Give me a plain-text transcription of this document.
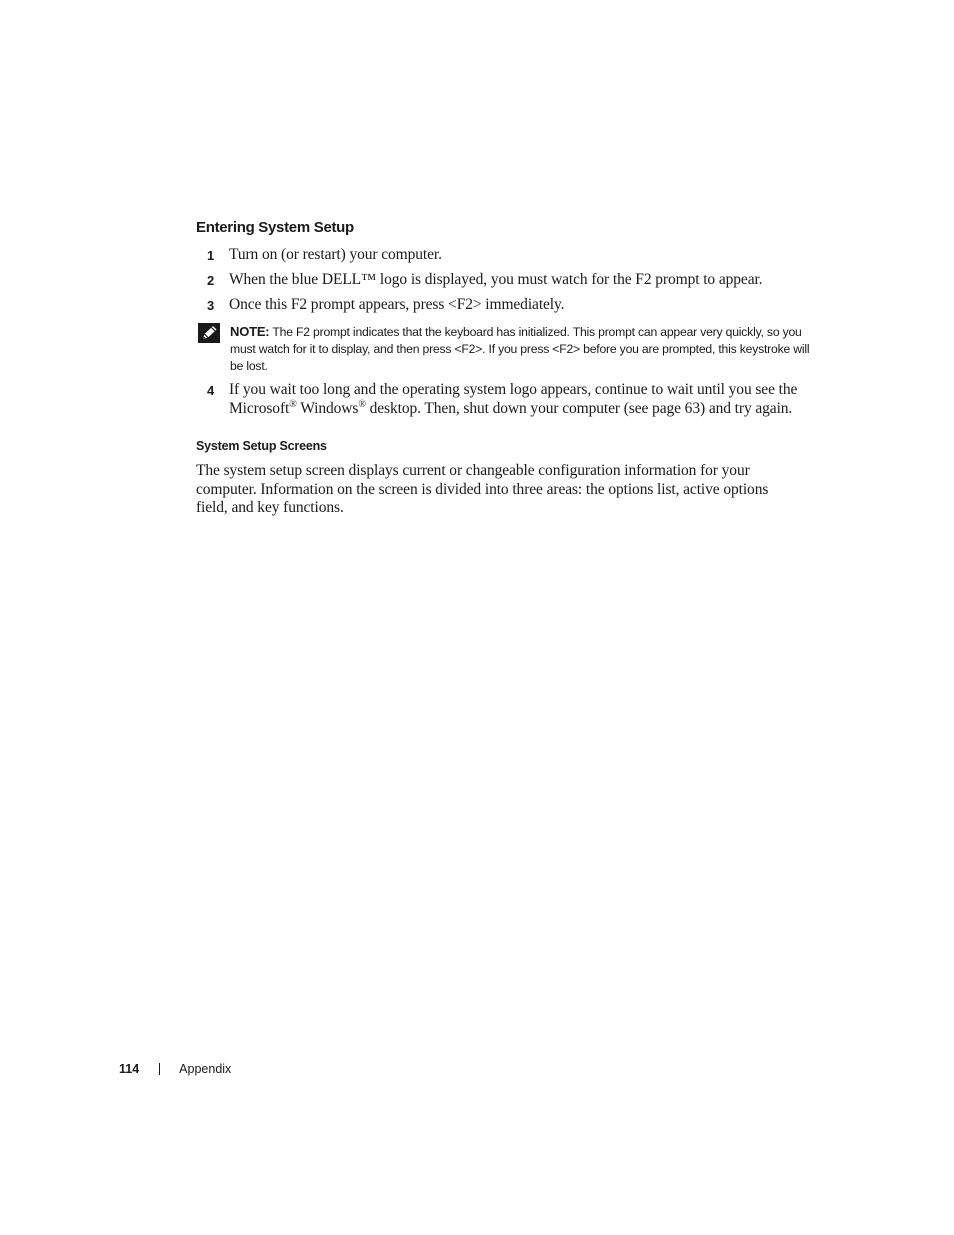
Entering System Setup
1 Turn on (or restart) your computer.
2 When the blue DELL™ logo is displayed, you must watch for the F2 prompt to appear.
3 Once this F2 prompt appears, press <F2> immediately.
NOTE: The F2 prompt indicates that the keyboard has initialized. This prompt can appear very quickly, so you must watch for it to display, and then press <F2>. If you press <F2> before you are prompted, this keystroke will be lost.
4 If you wait too long and the operating system logo appears, continue to wait until you see the Microsoft® Windows® desktop. Then, shut down your computer (see page 63) and try again.
System Setup Screens

The system setup screen displays current or changeable configuration information for your computer. Information on the screen is divided into three areas: the options list, active options field, and key functions.

114	Appendix
